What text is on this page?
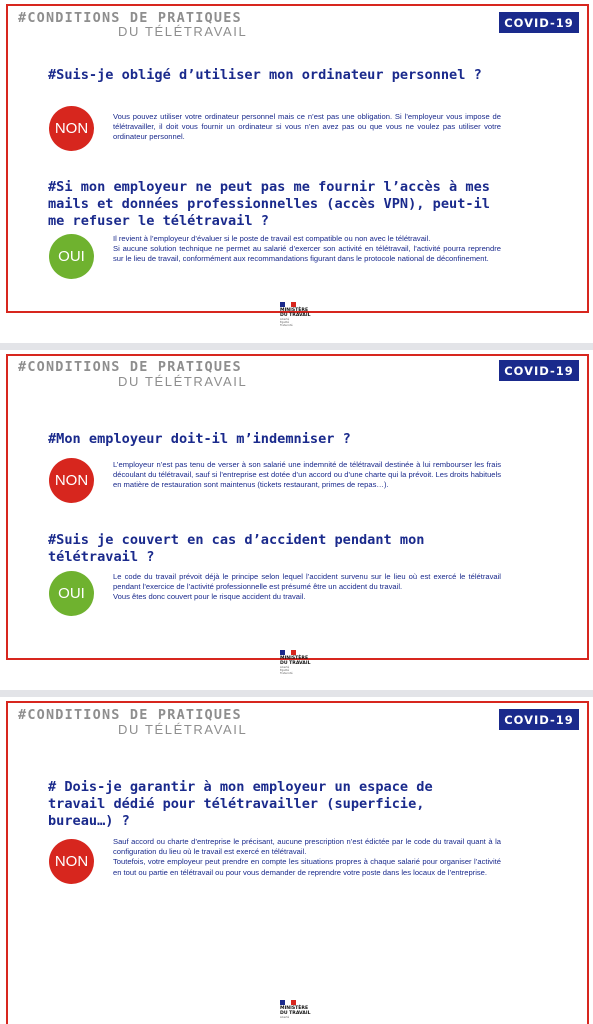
#CONDITIONS DE PRATIQUES
DU TÉLÉTRAVAIL
COVID-19
#Suis-je obligé d’utiliser mon ordinateur personnel ?
NON

Vous pouvez utiliser votre ordinateur personnel mais ce n’est pas une obligation. Si l’employeur vous impose de télétravailler, il doit vous fournir un ordinateur si vous n’en avez pas ou que vous ne voulez pas utiliser votre ordinateur personnel.

#Si mon employeur ne peut pas me fournir l’accès à mes mails et données professionnelles (accès VPN), peut-il me refuser le télétravail ?
OUI

Il revient à l’employeur d’évaluer si le poste de travail est compatible ou non avec le télétravail.

Si aucune solution technique ne permet au salarié d’exercer son activité en télétravail, l’activité pourra reprendre sur le lieu de travail, conformément aux recommandations figurant dans le protocole national de déconfinement.

MINISTÈRE
DU TRAVAIL
Liberté
Égalité
Fraternité
#CONDITIONS DE PRATIQUES
DU TÉLÉTRAVAIL
COVID-19
#Mon employeur doit-il m’indemniser ?
NON

L’employeur n’est pas tenu de verser à son salarié une indemnité de télétravail destinée à lui rembourser les frais découlant du télétravail, sauf si l’entreprise est dotée d’un accord ou d’une charte qui la prévoit. Les droits habituels en matière de restauration sont maintenus (tickets restaurant, primes de repas…).

#Suis je couvert en cas d’accident pendant mon télétravail ?
OUI

Le code du travail prévoit déjà le principe selon lequel l’accident survenu sur le lieu où est exercé le télétravail pendant l’exercice de l’activité professionnelle est présumé être un accident du travail.

Vous êtes donc couvert pour le risque accident du travail.

MINISTÈRE
DU TRAVAIL
Liberté
Égalité
Fraternité
#CONDITIONS DE PRATIQUES
DU TÉLÉTRAVAIL
COVID-19
# Dois-je garantir à mon employeur un espace de travail dédié pour télétravailler (superficie, bureau…) ?
NON

Sauf accord ou charte d’entreprise le précisant, aucune prescription n’est édictée par le code du travail quant à la configuration du lieu où le travail est exercé en télétravail.

Toutefois, votre employeur peut prendre en compte les situations propres à chaque salarié pour organiser l’activité en tout ou partie en télétravail ou pour vous demander de reprendre votre poste dans les locaux de l’entreprise.

MINISTÈRE
DU TRAVAIL
Liberté
